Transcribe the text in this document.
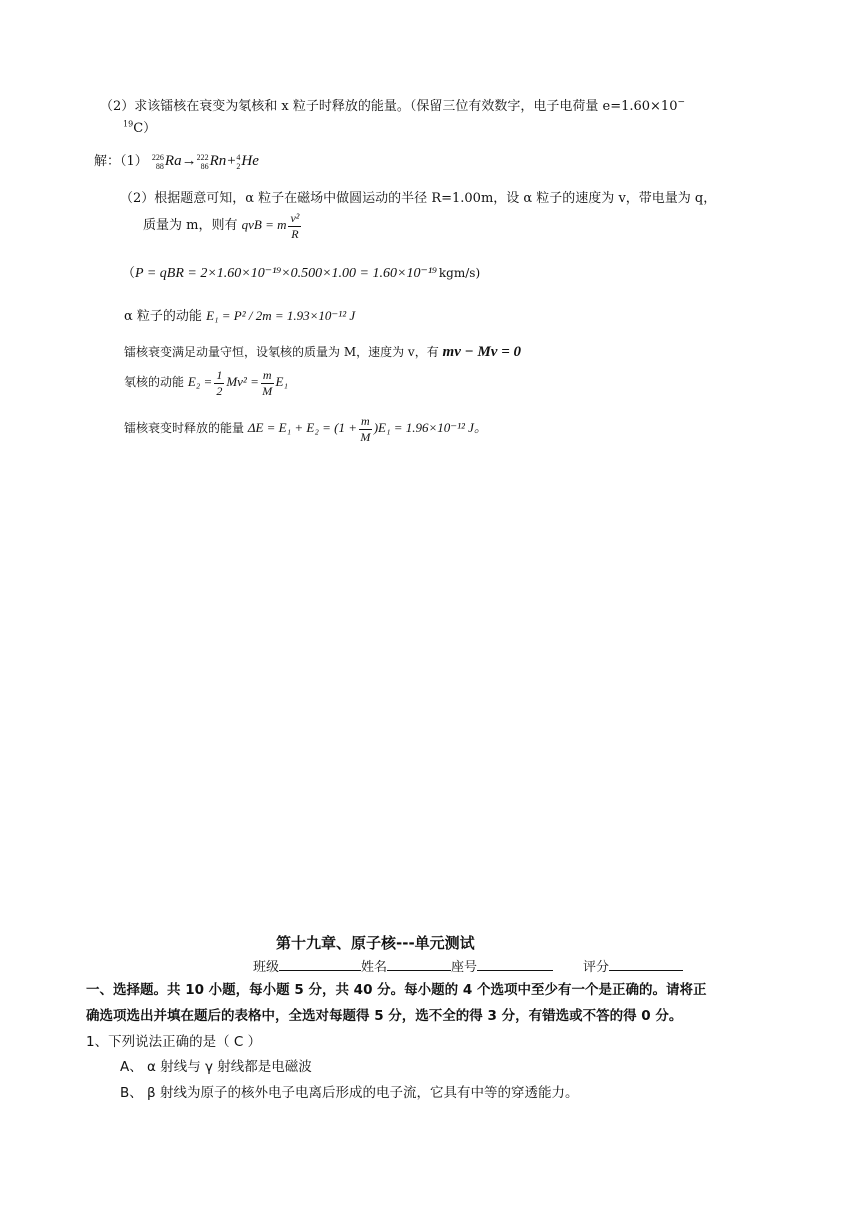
（2）求该镭核在衰变为氡核和 x 粒子时释放的能量。（保留三位有效数字，电子电荷量 e=1.60×10−
$^{19}$C）
解：（1） 226
88Ra→222
86Rn+4
2He
（2）根据题意可知，α 粒子在磁场中做圆运动的半径 R=1.00m，设 α 粒子的速度为 v，带电量为 q，
质量为 m，则有 qvB = m $\frac{\text{v²}}{R}$
（P = qBR = 2×1.60×10⁻¹⁹×0.500×1.00 = 1.60×10⁻¹⁹ kgm/s)
α 粒子的动能 E₁ = P² / 2m = 1.93×10⁻¹² J
镭核衰变满足动量守恒，设氡核的质量为 M，速度为 v，有 mv − Mv = 0
氡核的动能 $E_2 = \frac{1}{2} Mv^2 = \frac{m}{M} E_1$
镭核衰变时释放的能量 $\Delta E = E_1 + E_2 = (1 + \frac{m}{M} )E_1 = 1.96\times 10^{-12}$ J。
第十九章、原子核---单元测试
班级	姓名	座号	评分
一、选择题。共 10 小题，每小题 5 分，共 40 分。每小题的 4 个选项中至少有一个是正确的。请将正
确选项选出并填在题后的表格中，全选对每题得 5 分，选不全的得 3 分，有错选或不答的得 0 分。
1、下列说法正确的是（ C ）
A、 α 射线与 γ 射线都是电磁波
B、 β 射线为原子的核外电子电离后形成的电子流，它具有中等的穿透能力。
